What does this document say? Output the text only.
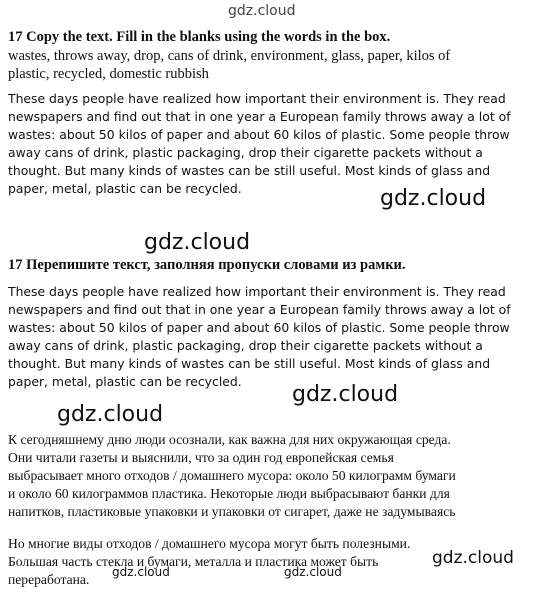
gdz.cloud
17 Copy the text. Fill in the blanks using the words in the box.
wastes, throws away, drop, cans of drink, environment, glass, paper, kilos of
plastic, recycled, domestic rubbish
These days people have realized how important their environment is. They read
newspapers and find out that in one year a European family throws away a lot of
wastes: about 50 kilos of paper and about 60 kilos of plastic. Some people throw
away cans of drink, plastic packaging, drop their cigarette packets without a
thought. But many kinds of wastes can be still useful. Most kinds of glass and
paper, metal, plastic can be recycled.	gdz.cloud
gdz.cloud
17 Перепишите текст, заполняя пропуски словами из рамки.
These days people have realized how important their environment is. They read
newspapers and find out that in one year a European family throws away a lot of
wastes: about 50 kilos of paper and about 60 kilos of plastic. Some people throw
away cans of drink, plastic packaging, drop their cigarette packets without a
thought. But many kinds of wastes can be still useful. Most kinds of glass and
paper, metal, plastic can be recycled.
gdz.cloud
gdz.cloud
К сегодняшнему дню люди осознали, как важна для них окружающая среда.
Они читали газеты и выяснили, что за один год европейская семья
выбрасывает много отходов / домашнего мусора: около 50 килограмм бумаги
и около 60 килограммов пластика. Некоторые люди выбрасывают банки для
напитков, пластиковые упаковки и упаковки от сигарет, даже не задумываясь
Но многие виды отходов / домашнего мусора могут быть полезными.
Большая часть стекла и бумаги, металла и пластика может быть
переработана.
gdz.cloud
gdz.cloud	gdz.cloud
